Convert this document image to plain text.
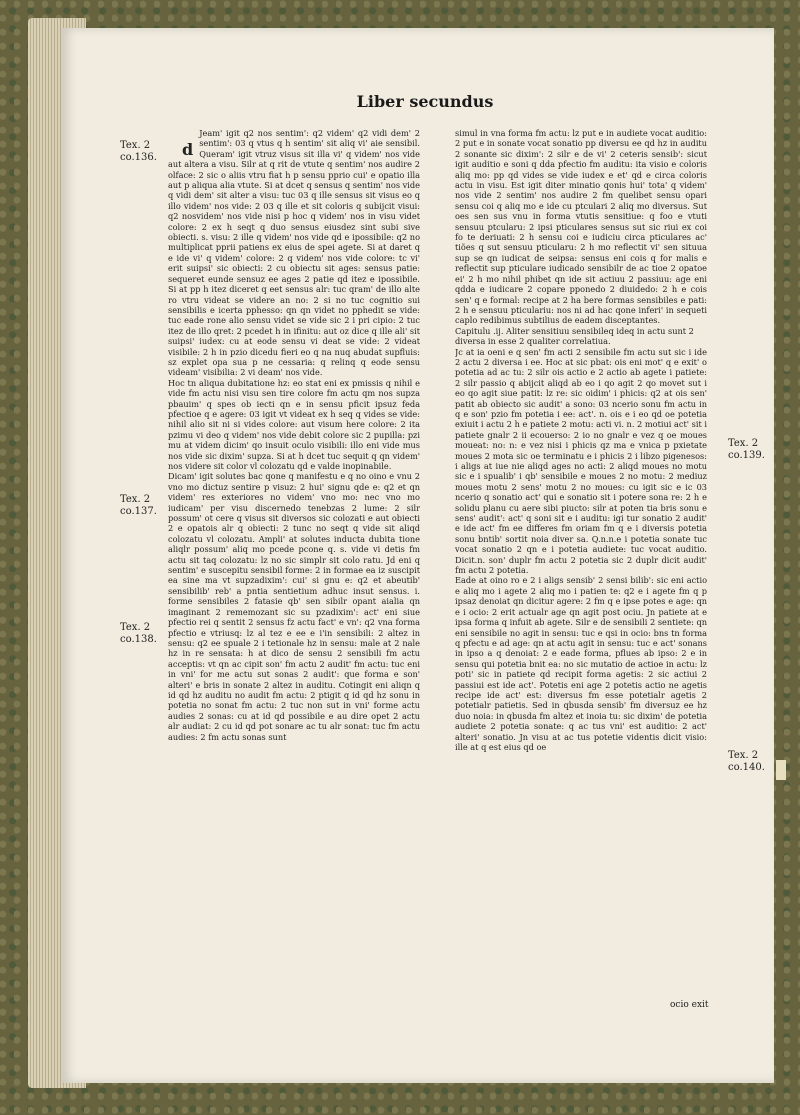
Liber secundus
Tex. 2
co.136.
Tex. 2
co.137.
Tex. 2
co.138.
Tex. 2
co.139.
Tex. 2
co.140.
d

Jeam' igit q2 nos sentim': q2 videm' q2 vidi dem' 2 sentim': 03 q vtus q h sentim' sit aliq vi' aie sensibil. Queram' igit vtruz visus sit illa vi' q videm' nos vide aut altera a visu. Silr at q rit de vtute q sentim' nos audire 2 olface: 2 sic o aliis vtru fiat h p sensu pprio cui' e opatio illa aut p aliqua alia vtute. Si at dcet q sensus q sentim' nos vide q vidi dem' sit alter a visu: tuc 03 q ille sensus sit visus eo q illo videm' nos vide: 2 03 q ille et sit coloris q subijcit visui: q2 nosvidem' nos vide nisi p hoc q videm' nos in visu videt colore: 2 ex h seqt q duo sensus eiusdez sint subi sive obiecti. s. visu: 2 ille q videm' nos vide qd e ipossibile: q2 no multiplicat pprii patiens ex eius de spei agete. Si at daret q e ide vi' q videm' colore: 2 q videm' nos vide colore: tc vi' erit suipsi' sic obiecti: 2 cu obiectu sit ages: sensus patie: sequeret eunde sensuz ee ages 2 patie qd itez e ipossibile. Si at pp h itez diceret q eet sensus alr: tuc qram' de illo alte ro vtru videat se videre an no: 2 si no tuc cognitio sui sensibilis e icerta pphesso: qn qn videt no pphedit se vide: tuc eade rone alio sensu videt se vide sic 2 i pri cipio: 2 tuc itez de illo qret: 2 pcedet h in ifinitu: aut oz dice q ille ali' sit suipsi' iudex: cu at eode sensu vi deat se vide: 2 videat visibile: 2 h in pzio dicedu fieri eo q na nuq abudat supfluis: sz explet opa sua p ne cessaria: q relinq q eode sensu videam' visibilia: 2 vi deam' nos vide.

Hoc tn aliqua dubitatione hz: eo stat eni ex pmissis q nihil e vide fm actu nisi visu sen tire colore fm actu qm nos supza pbauim' q spes ob iecti qn e in sensu pficit ipsuz feda pfectioe q e agere: 03 igit vt videat ex h seq q vides se vide: nihil alio sit ni si vides colore: aut visum here colore: 2 ita pzimu vi deo q videm' nos vide debit colore sic 2 pupilla: pzi mu at videm dicim' qo insuit oculo visibili: illo eni vide mus nos vide sic dixim' supza. Si at h dcet tuc sequit q qn videm' nos videre sit color vl colozatu qd e valde inopinabile.

Dicam' igit solutes bac qone q manifestu e q no oino e vnu 2 vno mo dictuz sentire p visuz: 2 hui' signu qde e: q2 et qn videm' res exteriores no videm' vno mo: nec vno mo iudicam' per visu discernedo tenebzas 2 lume: 2 silr possum' ot cere q visus sit diversos sic colozati e aut obiecti 2 e opatois alr q obiecti: 2 tunc no seqt q vide sit aliqd colozatu vl colozatu. Ampli' at solutes inducta dubita tione aliqlr possum' aliq mo pcede pcone q. s. vide vi detis fm actu sit taq colozatu: lz no sic simplr sit colo ratu. Jd eni q sentim' e suscepitu sensibil forme: 2 in formae ea iz suscipit ea sine ma vt supzadixim': cui' si gnu e: q2 et abeutib' sensibilib' reb' a pntia sentietium adhuc insut sensus. i. forme sensibiles 2 fatasie qb' sen sibilr opant aialia qn imaginant 2 rememozant sic su pzadixim': act' eni siue pfectio rei q sentit 2 sensus fz actu fact' e vn': q2 vna forma pfectio e vtriusq: lz al tez e ee e i'in sensibili: 2 altez in sensu: q2 ee spuale 2 i tetionale hz in sensu: male at 2 nale hz in re sensata: h at dico de sensu 2 sensibili fm actu acceptis: vt qn ac cipit son' fm actu 2 audit' fm actu: tuc eni in vni' for me actu sut sonas 2 audit': que forma e son' alteri' e bris in sonate 2 altez in auditu. Cotingit eni aliqn q id qd hz auditu no audit fm actu: 2 ptigit q id qd hz sonu in potetia no sonat fm actu: 2 tuc non sut in vni' forme actu audies 2 sonas: cu at id qd possibile e au dire opet 2 actu alr audiat: 2 cu id qd pot sonare ac tu alr sonat: tuc fm actu audies: 2 fm actu sonas sunt

simul in vna forma fm actu: lz put e in audiete vocat auditio: 2 put e in sonate vocat sonatio pp diversu ee qd hz in auditu 2 sonante sic dixim': 2 silr e de vi' 2 ceteris sensib': sicut igit auditio e soni q dda pfectio fm auditu: ita visio e coloris aliq mo: pp qd vides se vide iudex e et' qd e circa coloris actu in visu. Est igit diter minatio qonis hui' tota' q videm' nos vide 2 sentim' nos audire 2 fm quelibet sensu opari sensu coi q aliq mo e ide cu ptculari 2 aliq mo diversus. Sut oes sen sus vnu in forma vtutis sensitiue: q foo e vtuti sensuu ptcularu: 2 ipsi pticulares sensus sut sic riui ex coi fo te deriuati: 2 h sensu coi e iudiciu circa pticulares ac' tiões q sut sensuu pticularu: 2 h mo reflectit vi' sen situua sup se qn iudicat de seipsa: sensus eni cois q for malis e reflectit sup pticulare iudicado sensibilr de ac tioe 2 opatoe ei' 2 h mo nihil phibet qn ide sit actiuu 2 passiuu: age eni qdda e iudicare 2 copare pponedo 2 diuidedo: 2 h e cois sen' q e formal: recipe at 2 ha bere formas sensibiles e pati: 2 h e sensuu pticulariu: nos ni ad hac qone inferi' in sequeti caplo redibimus subtilius de eadem disceptantes.

Capitulu .ij. Aliter sensitiuu sensibileq ideq in actu sunt 2 diversa in esse 2 qualiter correlatiua.

Jc at ia oeni e q sen' fm acti 2 sensibile fm actu sut sic i ide 2 actu 2 diversa i ee. Hoc at sic pbat: ois eni mot' q e exit' o potetia ad ac tu: 2 silr ois actio e 2 actio ab agete i patiete: 2 silr passio q abijcit aliqd ab eo i qo agit 2 qo movet sut i eo qo agit siue patit: lz re: sic oidim' i phicis: q2 at ois sen' patit ab obiecto sic audit' a sono: 03 ncerio sonu fm actu in q e son' pzio fm potetia i ee: act'. n. ois e i eo qd oe potetia exiuit i actu 2 h e patiete 2 motu: acti vi. n. 2 motiui act' sit i patiete gnalr 2 ii ecouerso: 2 io no gnalr e vez q oe moues moueat: no: n: e vez nisi i phicis qz ma e vnica p pxietate moues 2 mota sic oe terminatu e i phicis 2 i libzo pigenesos: i aligs at iue nie aliqd ages no acti: 2 aliqd moues no motu sic e i spualib' i qb' sensibile e moues 2 no motu: 2 mediuz moues motu 2 sens' motu 2 no moues: cu igit sic e ic 03 ncerio q sonatio act' qui e sonatio sit i potere sona re: 2 h e solidu planu cu aere sibi piucto: silr at poten tia bris sonu e sens' audit': act' q soni sit e i auditu: igi tur sonatio 2 audit' e ide act' fm ee differes fm oriam fm q e i diversis potetia sonu bntib' sortit noia diver sa. Q.n.n.e i potetia sonate tuc vocat sonatio 2 qn e i potetia audiete: tuc vocat auditio. Dicit.n. son' duplr fm actu 2 potetia sic 2 duplr dicit audit' fm actu 2 potetia.

Eade at oino ro e 2 i aligs sensib' 2 sensi bilib': sic eni actio e aliq mo i agete 2 aliq mo i patien te: q2 e i agete fm q p ipsaz denoiat qn dicitur agere: 2 fm q e ipse potes e age: qn e i ocio: 2 erit actualr age qn agit post ociu. Jn patiete at e ipsa forma q infuit ab agete. Silr e de sensibili 2 sentiete: qn eni sensibile no agit in sensu: tuc e qsi in ocio: bns tn forma q pfectu e ad age: qn at actu agit in sensu: tuc e act' sonans in ipso a q denoiat: 2 e eade forma, pflues ab ipso: 2 e in sensu qui potetia bnit ea: no sic mutatio de actioe in actu: lz poti' sic in patiete qd recipit forma agetis: 2 sic actiui 2 passiui est ide act'. Potetis eni age 2 potetis actio ne agetis recipe ide act' est: diversus fm esse potetialr agetis 2 potetialr patietis. Sed in qbusda sensib' fm diversuz ee hz duo noia: in qbusda fm altez et inoia tu: sic dixim' de potetia audiete 2 potetia sonate: q ac tus vni' est auditio: 2 act' alteri' sonatio. Jn visu at ac tus potetie videntis dicit visio: ille at q est eius qd oe

ocio exit
